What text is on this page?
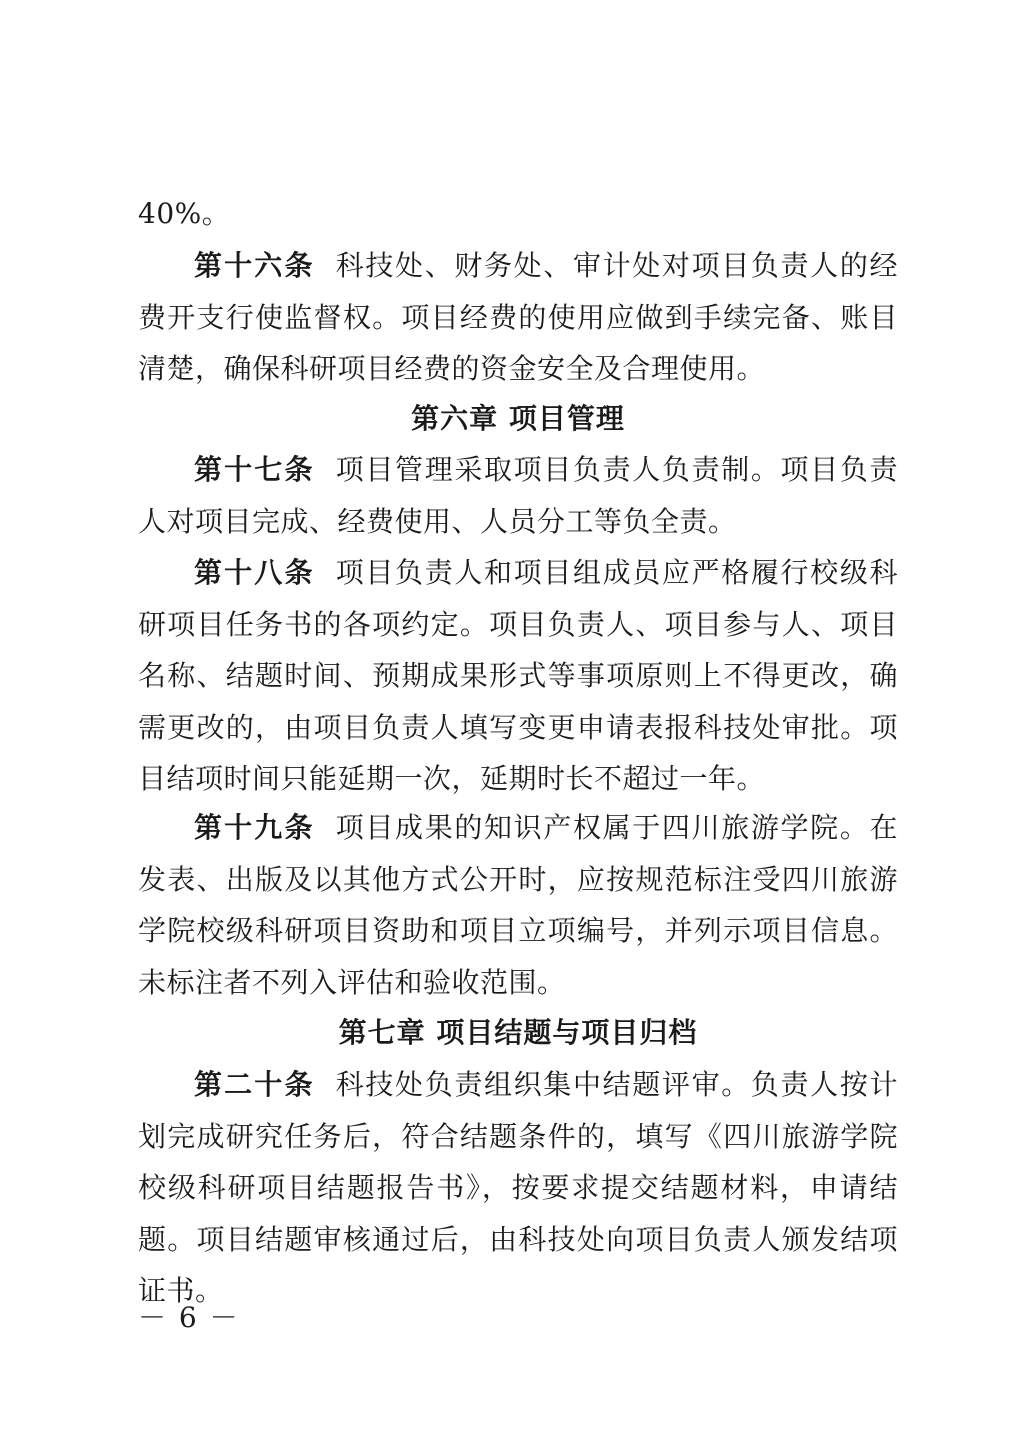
40%。

第十六条 科技处、财务处、审计处对项目负责人的经费开支行使监督权。项目经费的使用应做到手续完备、账目清楚，确保科研项目经费的资金安全及合理使用。

第六章 项目管理

第十七条 项目管理采取项目负责人负责制。项目负责人对项目完成、经费使用、人员分工等负全责。

第十八条 项目负责人和项目组成员应严格履行校级科研项目任务书的各项约定。项目负责人、项目参与人、项目名称、结题时间、预期成果形式等事项原则上不得更改，确需更改的，由项目负责人填写变更申请表报科技处审批。项目结项时间只能延期一次，延期时长不超过一年。

第十九条 项目成果的知识产权属于四川旅游学院。在发表、出版及以其他方式公开时，应按规范标注受四川旅游学院校级科研项目资助和项目立项编号，并列示项目信息。未标注者不列入评估和验收范围。

第七章 项目结题与项目归档

第二十条 科技处负责组织集中结题评审。负责人按计划完成研究任务后，符合结题条件的，填写《四川旅游学院校级科研项目结题报告书》，按要求提交结题材料，申请结题。项目结题审核通过后，由科技处向项目负责人颁发结项证书。

－ 6 －
